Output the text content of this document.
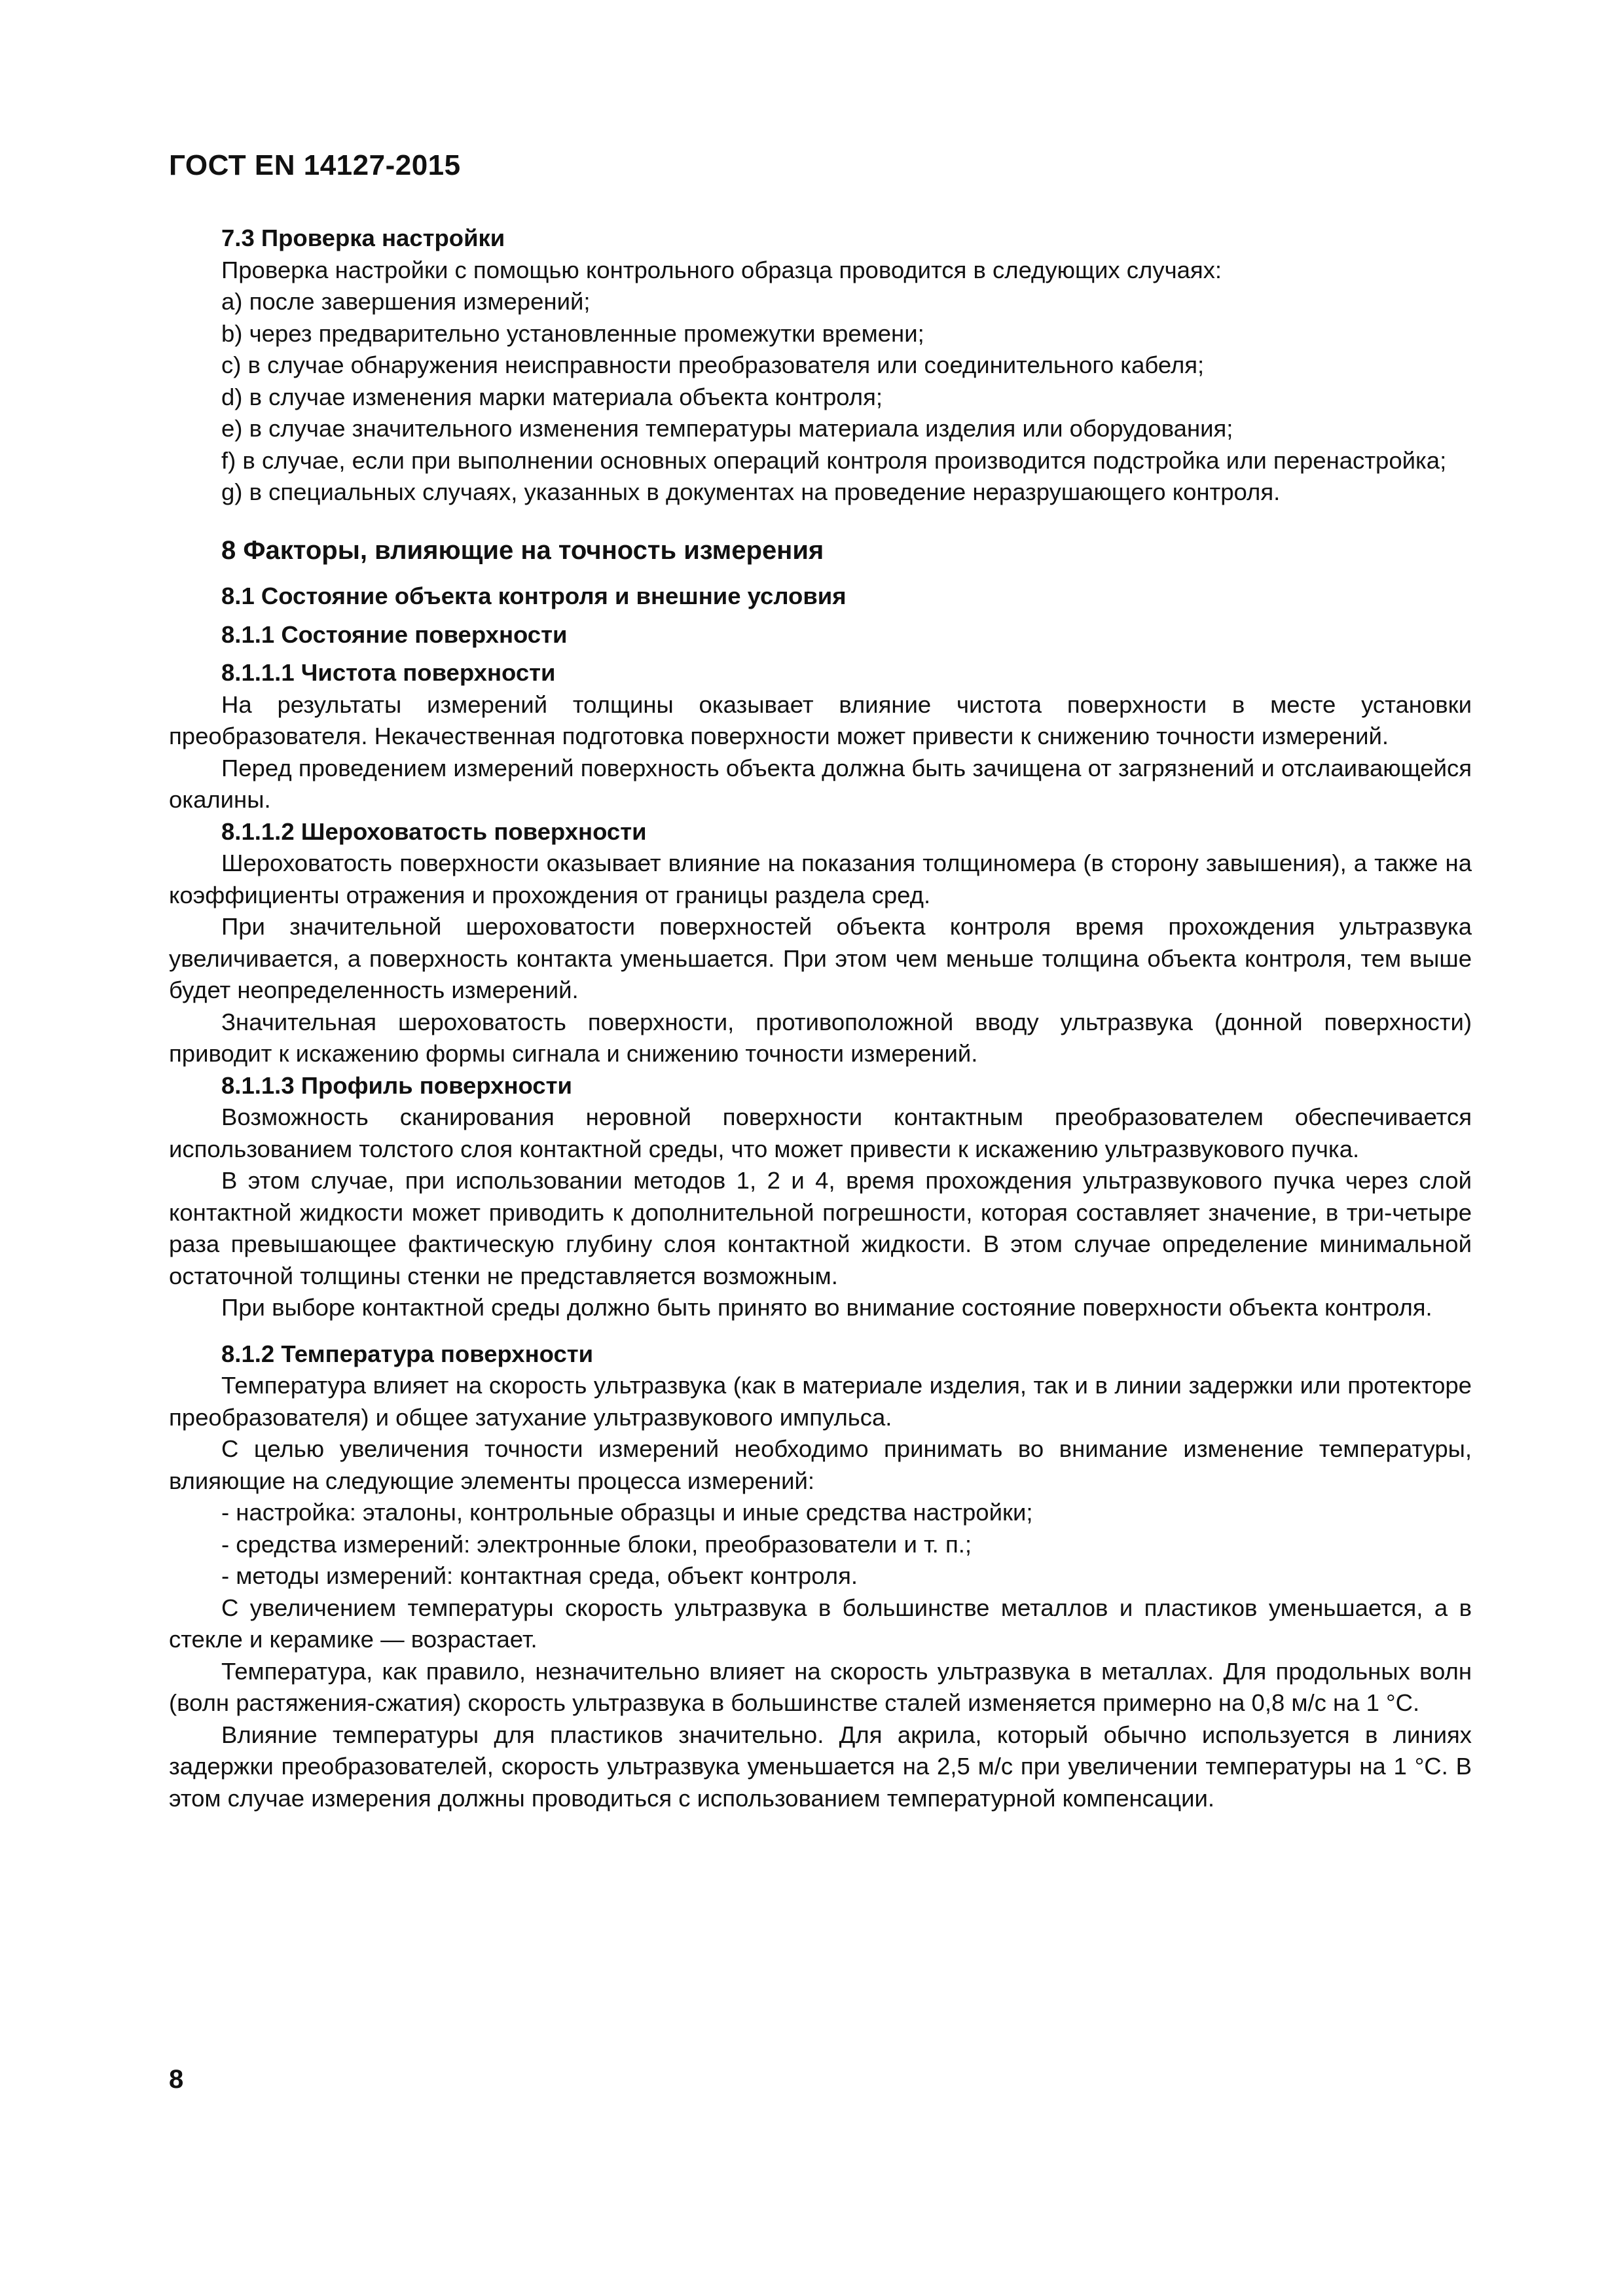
ГОСТ EN 14127-2015
7.3 Проверка настройки

Проверка настройки с помощью контрольного образца проводится в следующих случаях:

a) после завершения измерений;

b) через предварительно установленные промежутки времени;

c) в случае обнаружения неисправности преобразователя или соединительного кабеля;

d) в случае изменения марки материала объекта контроля;

e) в случае значительного изменения температуры материала изделия или оборудования;

f) в случае, если при выполнении основных операций контроля производится подстройка или перенастройка;

g) в специальных случаях, указанных в документах на проведение неразрушающего контроля.

8 Факторы, влияющие на точность измерения
8.1 Состояние объекта контроля и внешние условия
8.1.1 Состояние поверхности
8.1.1.1 Чистота поверхности

На результаты измерений толщины оказывает влияние чистота поверхности в месте установки преобразователя. Некачественная подготовка поверхности может привести к снижению точности измерений.

Перед проведением измерений поверхность объекта должна быть зачищена от загрязнений и отслаивающейся окалины.

8.1.1.2 Шероховатость поверхности

Шероховатость поверхности оказывает влияние на показания толщиномера (в сторону завышения), а также на коэффициенты отражения и прохождения от границы раздела сред.

При значительной шероховатости поверхностей объекта контроля время прохождения ультразвука увеличивается, а поверхность контакта уменьшается. При этом чем меньше толщина объекта контроля, тем выше будет неопределенность измерений.

Значительная шероховатость поверхности, противоположной вводу ультразвука (донной поверхности) приводит к искажению формы сигнала и снижению точности измерений.

8.1.1.3 Профиль поверхности

Возможность сканирования неровной поверхности контактным преобразователем обеспечивается использованием толстого слоя контактной среды, что может привести к искажению ультразвукового пучка.

В этом случае, при использовании методов 1, 2 и 4, время прохождения ультразвукового пучка через слой контактной жидкости может приводить к дополнительной погрешности, которая составляет значение, в три-четыре раза превышающее фактическую глубину слоя контактной жидкости. В этом случае определение минимальной остаточной толщины стенки не представляется возможным.

При выборе контактной среды должно быть принято во внимание состояние поверхности объекта контроля.

8.1.2 Температура поверхности

Температура влияет на скорость ультразвука (как в материале изделия, так и в линии задержки или протекторе преобразователя) и общее затухание ультразвукового импульса.

С целью увеличения точности измерений необходимо принимать во внимание изменение температуры, влияющие на следующие элементы процесса измерений:

- настройка: эталоны, контрольные образцы и иные средства настройки;

- средства измерений: электронные блоки, преобразователи и т. п.;

- методы измерений: контактная среда, объект контроля.

С увеличением температуры скорость ультразвука в большинстве металлов и пластиков уменьшается, а в стекле и керамике — возрастает.

Температура, как правило, незначительно влияет на скорость ультразвука в металлах. Для продольных волн (волн растяжения-сжатия) скорость ультразвука в большинстве сталей изменяется примерно на 0,8 м/с на 1 °С.

Влияние температуры для пластиков значительно. Для акрила, который обычно используется в линиях задержки преобразователей, скорость ультразвука уменьшается на 2,5 м/с при увеличении температуры на 1 °С. В этом случае измерения должны проводиться с использованием температурной компенсации.

8
